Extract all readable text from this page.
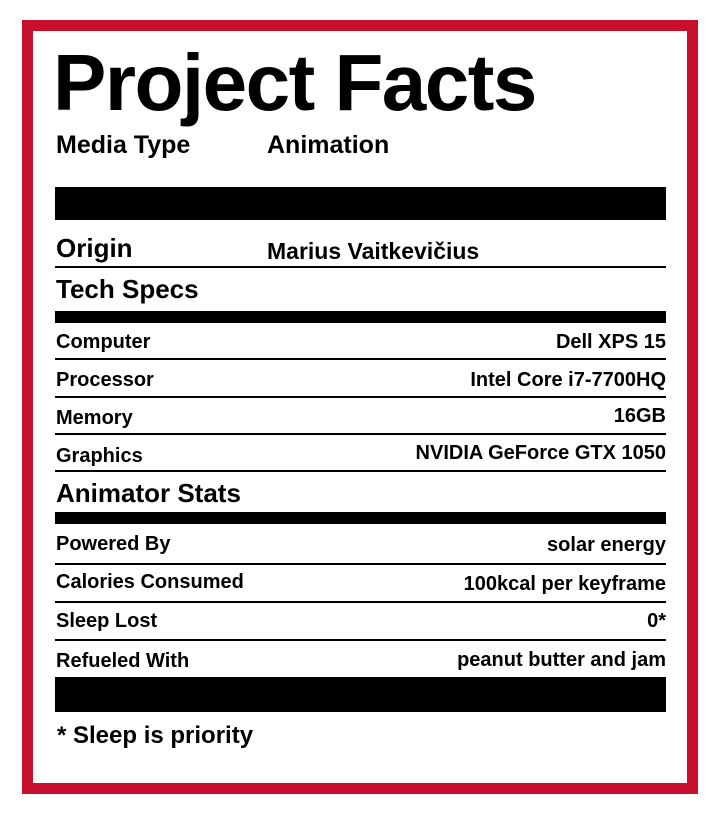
Project Facts
Media Type	Animation
Origin	Marius Vaitkevičius
Tech Specs
Computer	Dell XPS 15
Processor	Intel Core i7-7700HQ
Memory	16GB
Graphics	NVIDIA GeForce GTX 1050
Animator Stats
Powered By	solar energy
Calories Consumed	100kcal per keyframe
Sleep Lost	0*
Refueled With	peanut butter and jam
* Sleep is priority
